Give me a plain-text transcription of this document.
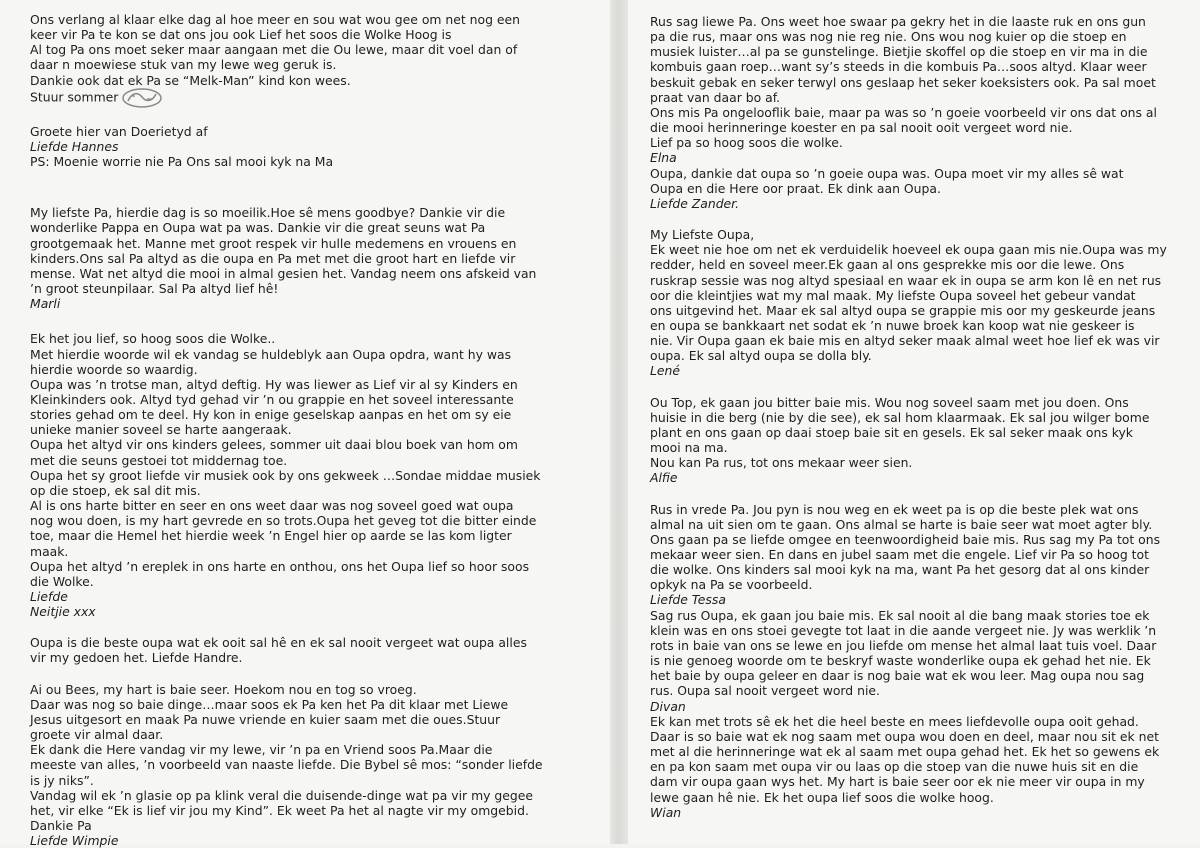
Ons verlang al klaar elke dag al hoe meer en sou wat wou gee om net nog een

keer vir Pa te kon se dat ons jou ook Lief het soos die Wolke Hoog is

Al tog Pa ons moet seker maar aangaan met die Ou lewe, maar dit voel dan of

daar n moewiese stuk van my lewe weg geruk is.

Dankie ook dat ek Pa se “Melk-Man” kind kon wees.

Stuur sommer

Groete hier van Doerietyd af

Liefde Hannes

PS: Moenie worrie nie Pa Ons sal mooi kyk na Ma

My liefste Pa, hierdie dag is so moeilik.Hoe sê mens goodbye? Dankie vir die

wonderlike Pappa en Oupa wat pa was. Dankie vir die great seuns wat Pa

grootgemaak het. Manne met groot respek vir hulle medemens en vrouens en

kinders.Ons sal Pa altyd as die oupa en Pa met met die groot hart en liefde vir

mense. Wat net altyd die mooi in almal gesien het. Vandag neem ons afskeid van

’n groot steunpilaar. Sal Pa altyd lief hê!

Marli

Ek het jou lief, so hoog soos die Wolke..

Met hierdie woorde wil ek vandag se huldeblyk aan Oupa opdra, want hy was

hierdie woorde so waardig.

Oupa was ’n trotse man, altyd deftig. Hy was liewer as Lief vir al sy Kinders en

Kleinkinders ook. Altyd tyd gehad vir ’n ou grappie en het soveel interessante

stories gehad om te deel. Hy kon in enige geselskap aanpas en het om sy eie

unieke manier soveel se harte aangeraak.

Oupa het altyd vir ons kinders gelees, sommer uit daai blou boek van hom om

met die seuns gestoei tot middernag toe.

Oupa het sy groot liefde vir musiek ook by ons gekweek …Sondae middae musiek

op die stoep, ek sal dit mis.

Al is ons harte bitter en seer en ons weet daar was nog soveel goed wat oupa

nog wou doen, is my hart gevrede en so trots.Oupa het geveg tot die bitter einde

toe, maar die Hemel het hierdie week ’n Engel hier op aarde se las kom ligter

maak.

Oupa het altyd ’n ereplek in ons harte en onthou, ons het Oupa lief so hoor soos

die Wolke.

Liefde

Neitjie xxx

Oupa is die beste oupa wat ek ooit sal hê en ek sal nooit vergeet wat oupa alles

vir my gedoen het. Liefde Handre.

Ai ou Bees, my hart is baie seer. Hoekom nou en tog so vroeg.

Daar was nog so baie dinge…maar soos ek Pa ken het Pa dit klaar met Liewe

Jesus uitgesort en maak Pa nuwe vriende en kuier saam met die oues.Stuur

groete vir almal daar.

Ek dank die Here vandag vir my lewe, vir ’n pa en Vriend soos Pa.Maar die

meeste van alles, ’n voorbeeld van naaste liefde. Die Bybel sê mos: “sonder liefde

is jy niks”.

Vandag wil ek ’n glasie op pa klink veral die duisende-dinge wat pa vir my gegee

het, vir elke “Ek is lief vir jou my Kind”. Ek weet Pa het al nagte vir my omgebid.

Dankie Pa

Liefde Wimpie

Rus sag liewe Pa. Ons weet hoe swaar pa gekry het in die laaste ruk en ons gun

pa die rus, maar ons was nog nie reg nie. Ons wou nog kuier op die stoep en

musiek luister…al pa se gunstelinge. Bietjie skoffel op die stoep en vir ma in die

kombuis gaan roep…want sy’s steeds in die kombuis Pa…soos altyd. Klaar weer

beskuit gebak en seker terwyl ons geslaap het seker koeksisters ook. Pa sal moet

praat van daar bo af.

Ons mis Pa ongelooflik baie, maar pa was so ’n goeie voorbeeld vir ons dat ons al

die mooi herinneringe koester en pa sal nooit ooit vergeet word nie.

Lief pa so hoog soos die wolke.

Elna

Oupa, dankie dat oupa so ’n goeie oupa was. Oupa moet vir my alles sê wat

Oupa en die Here oor praat. Ek dink aan Oupa.

Liefde Zander.

My Liefste Oupa,

Ek weet nie hoe om net ek verduidelik hoeveel ek oupa gaan mis nie.Oupa was my

redder, held en soveel meer.Ek gaan al ons gesprekke mis oor die lewe. Ons

ruskrap sessie was nog altyd spesiaal en waar ek in oupa se arm kon lê en net rus

oor die kleintjies wat my mal maak. My liefste Oupa soveel het gebeur vandat

ons uitgevind het. Maar ek sal altyd oupa se grappie mis oor my geskeurde jeans

en oupa se bankkaart net sodat ek ’n nuwe broek kan koop wat nie geskeer is

nie. Vir Oupa gaan ek baie mis en altyd seker maak almal weet hoe lief ek was vir

oupa. Ek sal altyd oupa se dolla bly.

Lené

Ou Top, ek gaan jou bitter baie mis. Wou nog soveel saam met jou doen. Ons

huisie in die berg (nie by die see), ek sal hom klaarmaak. Ek sal jou wilger bome

plant en ons gaan op daai stoep baie sit en gesels. Ek sal seker maak ons kyk

mooi na ma.

Nou kan Pa rus, tot ons mekaar weer sien.

Alfie

Rus in vrede Pa. Jou pyn is nou weg en ek weet pa is op die beste plek wat ons

almal na uit sien om te gaan. Ons almal se harte is baie seer wat moet agter bly.

Ons gaan pa se liefde omgee en teenwoordigheid baie mis. Rus sag my Pa tot ons

mekaar weer sien. En dans en jubel saam met die engele. Lief vir Pa so hoog tot

die wolke. Ons kinders sal mooi kyk na ma, want Pa het gesorg dat al ons kinder

opkyk na Pa se voorbeeld.

Liefde Tessa

Sag rus Oupa, ek gaan jou baie mis. Ek sal nooit al die bang maak stories toe ek

klein was en ons stoei gevegte tot laat in die aande vergeet nie. Jy was werklik ’n

rots in baie van ons se lewe en jou liefde om mense het almal laat tuis voel. Daar

is nie genoeg woorde om te beskryf waste wonderlike oupa ek gehad het nie. Ek

het baie by oupa geleer en daar is nog baie wat ek wou leer. Mag oupa nou sag

rus. Oupa sal nooit vergeet word nie.

Divan

Ek kan met trots sê ek het die heel beste en mees liefdevolle oupa ooit gehad.

Daar is so baie wat ek nog saam met oupa wou doen en deel, maar nou sit ek net

met al die herinneringe wat ek al saam met oupa gehad het. Ek het so gewens ek

en pa kon saam met oupa vir ou laas op die stoep van die nuwe huis sit en die

dam vir oupa gaan wys het. My hart is baie seer oor ek nie meer vir oupa in my

lewe gaan hê nie. Ek het oupa lief soos die wolke hoog.

Wian
